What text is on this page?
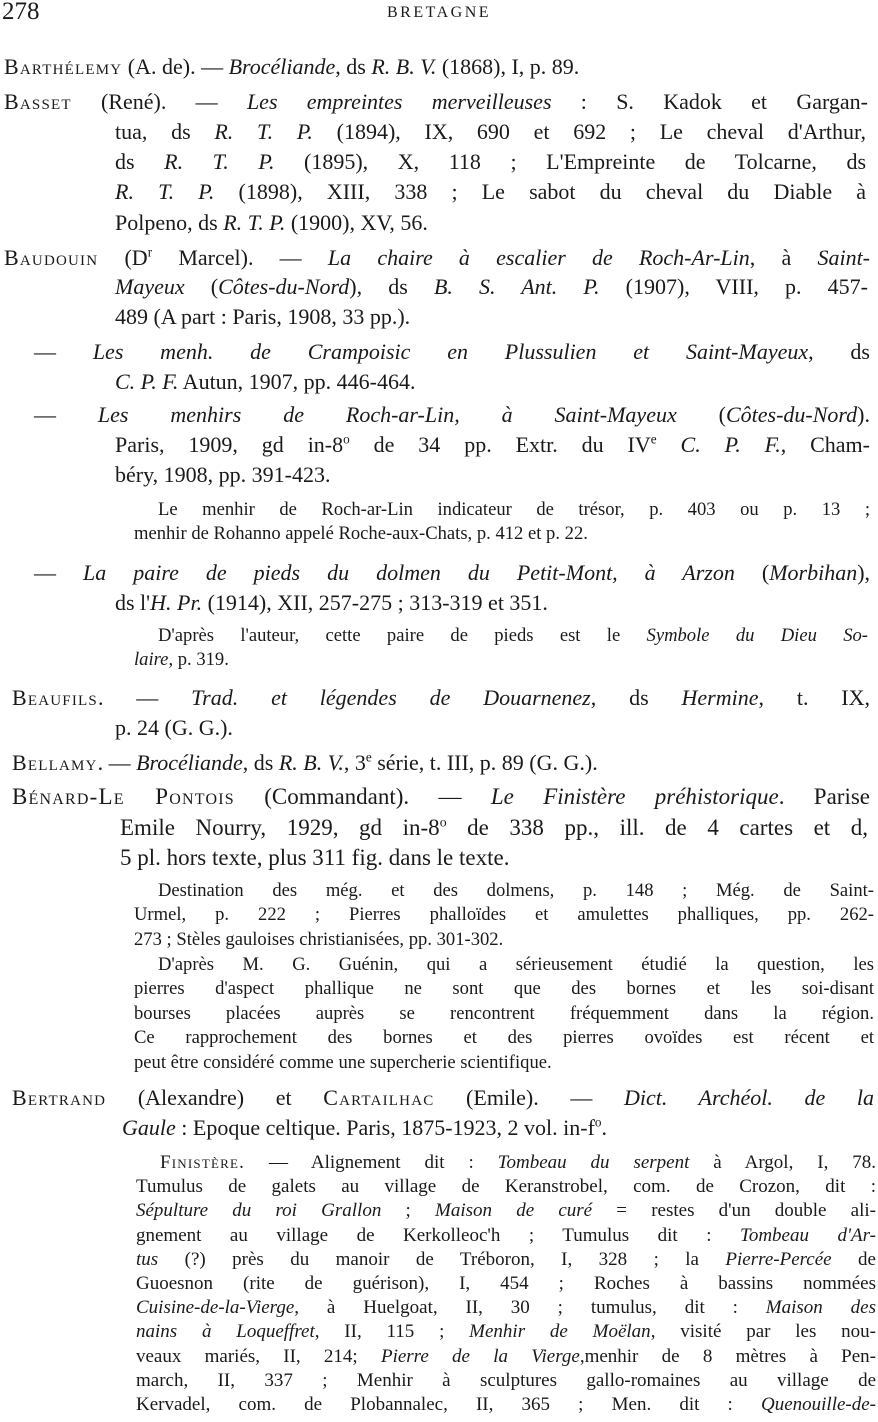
278	BRETAGNE
Barthélemy (A. de). — Brocéliande, ds R. B. V. (1868), I, p. 89.
Basset (René). — Les empreintes merveilleuses : S. Kadok et Gargan-
tua, ds R. T. P. (1894), IX, 690 et 692 ; Le cheval d'Arthur,
ds R. T. P. (1895), X, 118 ; L'Empreinte de Tolcarne, ds
R. T. P. (1898), XIII, 338 ; Le sabot du cheval du Diable à
Polpeno, ds R. T. P. (1900), XV, 56.
Baudouin ($D^r$ Marcel). — La chaire à escalier de Roch-Ar-Lin, à Saint-
Mayeux (Côtes-du-Nord), ds B. S. Ant. P. (1907), VIII, p. 457-
489 (A part : Paris, 1908, 33 pp.).
— Les menh. de Crampoisic en Plussulien et Saint-Mayeux, ds
C. P. F. Autun, 1907, pp. 446-464.
— Les menhirs de Roch-ar-Lin, à Saint-Mayeux (Côtes-du-Nord).
Paris, 1909, gd in-8$^o$ de 34 pp. Extr. du IVe C. P. F., Cham-
béry, 1908, pp. 391-423.
Le menhir de Roch-ar-Lin indicateur de trésor, p. 403 ou p. 13 ;
menhir de Rohanno appelé Roche-aux-Chats, p. 412 et p. 22.
— La paire de pieds du dolmen du Petit-Mont, à Arzon (Morbihan),
ds l'H. Pr. (1914), XII, 257-275 ; 313-319 et 351.
D'après l'auteur, cette paire de pieds est le Symbole du Dieu So-
laire, p. 319.
Beaufils. — Trad. et légendes de Douarnenez, ds Hermine, t. IX,
p. 24 (G. G.).
Bellamy. — Brocéliande, ds R. B. V., 3e série, t. III, p. 89 (G. G.).
Bénard-Le Pontois (Commandant). — Le Finistère préhistorique. Parise
Emile Nourry, 1929, gd in-8$^o$ de 338 pp., ill. de 4 cartes et d,
5 pl. hors texte, plus 311 fig. dans le texte.
Destination des még. et des dolmens, p. 148 ; Még. de Saint-
Urmel, p. 222 ; Pierres phalloïdes et amulettes phalliques, pp. 262-
273 ; Stèles gauloises christianisées, pp. 301-302.
D'après M. G. Guénin, qui a sérieusement étudié la question, les
pierres d'aspect phallique ne sont que des bornes et les soi-disant
bourses placées auprès se rencontrent fréquemment dans la région.
Ce rapprochement des bornes et des pierres ovoïdes est récent et
peut être considéré comme une supercherie scientifique.
Bertrand (Alexandre) et Cartailhac (Emile). — Dict. Archéol. de la
Gaule : Epoque celtique. Paris, 1875-1923, 2 vol. $in-f^o$.
Finistère. — Alignement dit : Tombeau du serpent à Argol, I, 78.
Tumulus de galets au village de Keranstrobel, com. de Crozon, dit :
Sépulture du roi Grallon ; Maison de curé = restes d'un double ali-
gnement au village de Kerkolleoc'h ; Tumulus dit : Tombeau d'Ar-
tus (?) près du manoir de Tréboron, I, 328 ; la Pierre-Percée de
Guoesnon (rite de guérison), I, 454 ; Roches à bassins nommées
Cuisine-de-la-Vierge, à Huelgoat, II, 30 ; tumulus, dit : Maison des
nains à Loqueffret, II, 115 ; Menhir de Moëlan, visité par les nou-
veaux mariés, II, 214; Pierre de la Vierge,menhir de 8 mètres à Pen-
march, II, 337 ; Menhir à sculptures gallo-romaines au village de
Kervadel, com. de Plobannalec, II, 365 ; Men. dit : Quenouille-de-
